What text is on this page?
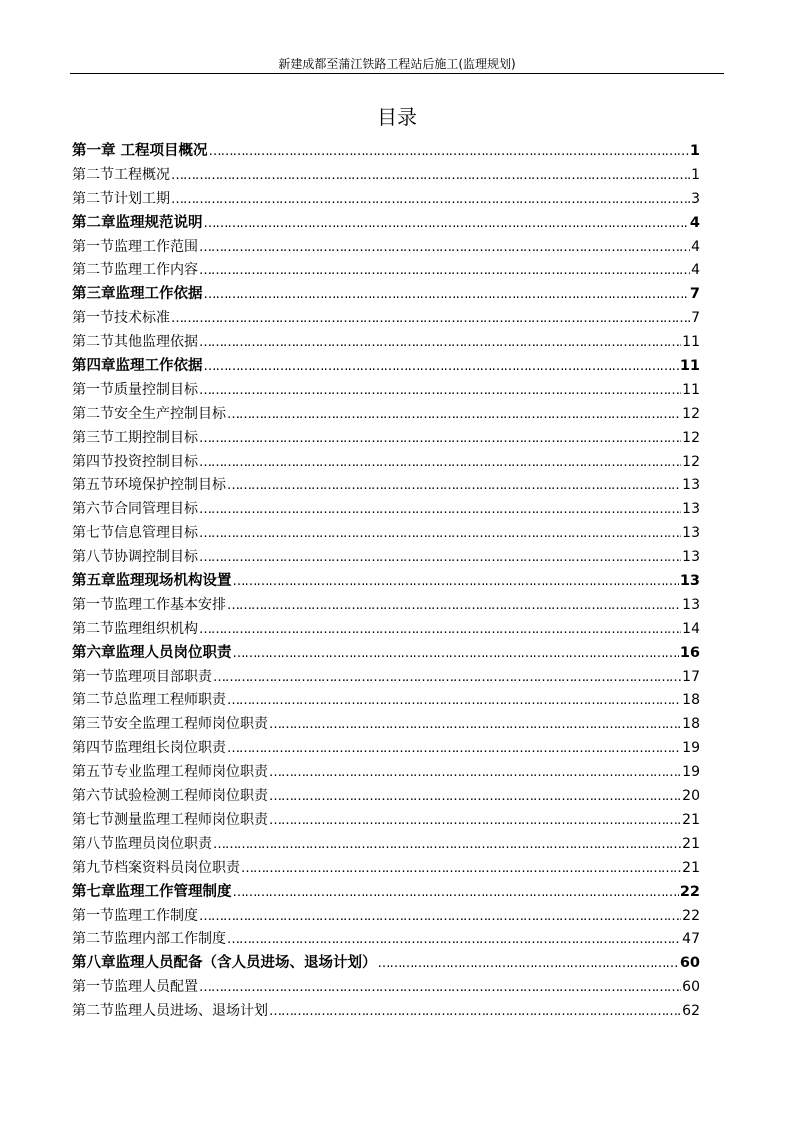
新建成都至蒲江铁路工程站后施工(监理规划)
目录
第一章 工程项目概况 ……………………………………………………………………………………………………………………………………………………………………………………………………………………	1
第二节工程概况 ……………………………………………………………………………………………………………………………………………………………………………………………………………………	1
第二节计划工期 ……………………………………………………………………………………………………………………………………………………………………………………………………………………	3
第二章监理规范说明 ……………………………………………………………………………………………………………………………………………………………………………………………………………………	4
第一节监理工作范围 ……………………………………………………………………………………………………………………………………………………………………………………………………………………	4
第二节监理工作内容 ……………………………………………………………………………………………………………………………………………………………………………………………………………………	4
第三章监理工作依据 ……………………………………………………………………………………………………………………………………………………………………………………………………………………	7
第一节技术标准 ……………………………………………………………………………………………………………………………………………………………………………………………………………………	7
第二节其他监理依据 ……………………………………………………………………………………………………………………………………………………………………………………………………………………	11
第四章监理工作依据 ……………………………………………………………………………………………………………………………………………………………………………………………………………………	11
第一节质量控制目标 ……………………………………………………………………………………………………………………………………………………………………………………………………………………	11
第二节安全生产控制目标 ……………………………………………………………………………………………………………………………………………………………………………………………………………………	12
第三节工期控制目标 ……………………………………………………………………………………………………………………………………………………………………………………………………………………	12
第四节投资控制目标 ……………………………………………………………………………………………………………………………………………………………………………………………………………………	12
第五节环境保护控制目标 ……………………………………………………………………………………………………………………………………………………………………………………………………………………	13
第六节合同管理目标 ……………………………………………………………………………………………………………………………………………………………………………………………………………………	13
第七节信息管理目标 ……………………………………………………………………………………………………………………………………………………………………………………………………………………	13
第八节协调控制目标 ……………………………………………………………………………………………………………………………………………………………………………………………………………………	13
第五章监理现场机构设置 ……………………………………………………………………………………………………………………………………………………………………………………………………………………	13
第一节监理工作基本安排 ……………………………………………………………………………………………………………………………………………………………………………………………………………………	13
第二节监理组织机构 ……………………………………………………………………………………………………………………………………………………………………………………………………………………	14
第六章监理人员岗位职责 ……………………………………………………………………………………………………………………………………………………………………………………………………………………	16
第一节监理项目部职责 ……………………………………………………………………………………………………………………………………………………………………………………………………………………	17
第二节总监理工程师职责 ……………………………………………………………………………………………………………………………………………………………………………………………………………………	18
第三节安全监理工程师岗位职责 ……………………………………………………………………………………………………………………………………………………………………………………………………………………	18
第四节监理组长岗位职责 ……………………………………………………………………………………………………………………………………………………………………………………………………………………	19
第五节专业监理工程师岗位职责 ……………………………………………………………………………………………………………………………………………………………………………………………………………………	19
第六节试验检测工程师岗位职责 ……………………………………………………………………………………………………………………………………………………………………………………………………………………	20
第七节测量监理工程师岗位职责 ……………………………………………………………………………………………………………………………………………………………………………………………………………………	21
第八节监理员岗位职责 ……………………………………………………………………………………………………………………………………………………………………………………………………………………	21
第九节档案资料员岗位职责 ……………………………………………………………………………………………………………………………………………………………………………………………………………………	21
第七章监理工作管理制度 ……………………………………………………………………………………………………………………………………………………………………………………………………………………	22
第一节监理工作制度 ……………………………………………………………………………………………………………………………………………………………………………………………………………………	22
第二节监理内部工作制度 ……………………………………………………………………………………………………………………………………………………………………………………………………………………	47
第八章监理人员配备（含人员进场、退场计划） ……………………………………………………………………………………………………………………………………………………………………………………………………………………	60
第一节监理人员配置 ……………………………………………………………………………………………………………………………………………………………………………………………………………………	60
第二节监理人员进场、退场计划 ……………………………………………………………………………………………………………………………………………………………………………………………………………………	62
